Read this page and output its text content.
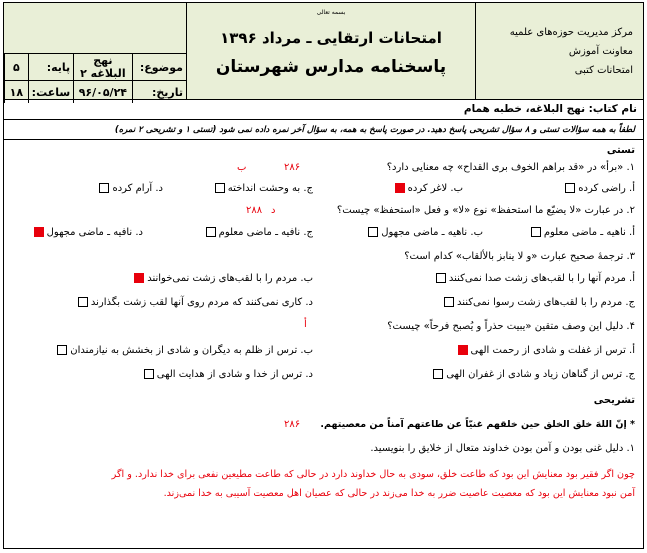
مرکز مدیریت حوزه‌های علمیه
معاونت آموزش
امتحانات کتبی
بسمه تعالی
امتحانات ارتقایی ـ مرداد ۱۳۹۶
پاسخنامه مدارس شهرستان
موضوع:	نهج البلاغه ۲	پایه:	۵
تاریخ:	۹۶/۰۵/۲۴	ساعت:	۱۸
نام کتاب: نهج البلاغه، خطبه همام
لطفاً به همه سؤالات تستی و ۸ سؤال تشریحی پاسخ دهید. در صورت پاسخ به همه، به سؤال آخر نمره داده نمی شود (تستی ۱ و تشریحی ۲ نمره)
تستی
۱. «برأ» در «قد براهم الخوف بری القداح» چه معنایی دارد؟
ب	۲۸۶
أ. راضی کرده
ب. لاغر کرده
ج. به وحشت انداخته
د. آرام کرده
۲. در عبارت «لا یضیّع ما استحفظ» نوع «لا» و فعل «استحفظ» چیست؟
د
۲۸۸
أ. ناهیه ـ ماضی معلوم
ب. ناهیه ـ ماضی مجهول
ج. نافیه ـ ماضی معلوم
د. نافیه ـ ماضی مجهول
۳. ترجمهٔ صحیح عبارت «و لا ینابز بالألقاب» کدام است؟
أ. مردم آنها را با لقب‌های زشت صدا نمی‌کنند
ب. مردم را با لقب‌های زشت نمی‌خوانند
ج. مردم را با لقب‌های زشت رسوا نمی‌کنند
د. کاری نمی‌کنند که مردم روی آنها لقب زشت بگذارند
۴. دلیل این وصف متقین «یبیت حذراً و یُصبح فرحاً» چیست؟
أ
أ. ترس از غفلت و شادی از رحمت الهی
ب. ترس از ظلم به دیگران و شادی از بخشش به نیازمندان
ج. ترس از گناهان زیاد و شادی از غفران الهی
د. ترس از خدا و شادی از هدایت الهی
تشریحی
* إنّ اللهَ خلق الخلق حین خلقهم غنیّاً عن طاعتهم آمناً من معصیتهم.
۲۸۶
۱. دلیل غنی بودن و آمن بودن خداوند متعال از خلایق را بنویسید.
چون اگر فقیر بود معنایش این بود که طاعت خلق، سودی به حال خداوند دارد در حالی که طاعت مطیعین نفعی برای خدا ندارد. و اگر
آمن نبود معنایش این بود که معصیت عاصیت ضرر به خدا می‌زند در حالی که عصیان اهل معصیت آسیبی به خدا نمی‌زند.
